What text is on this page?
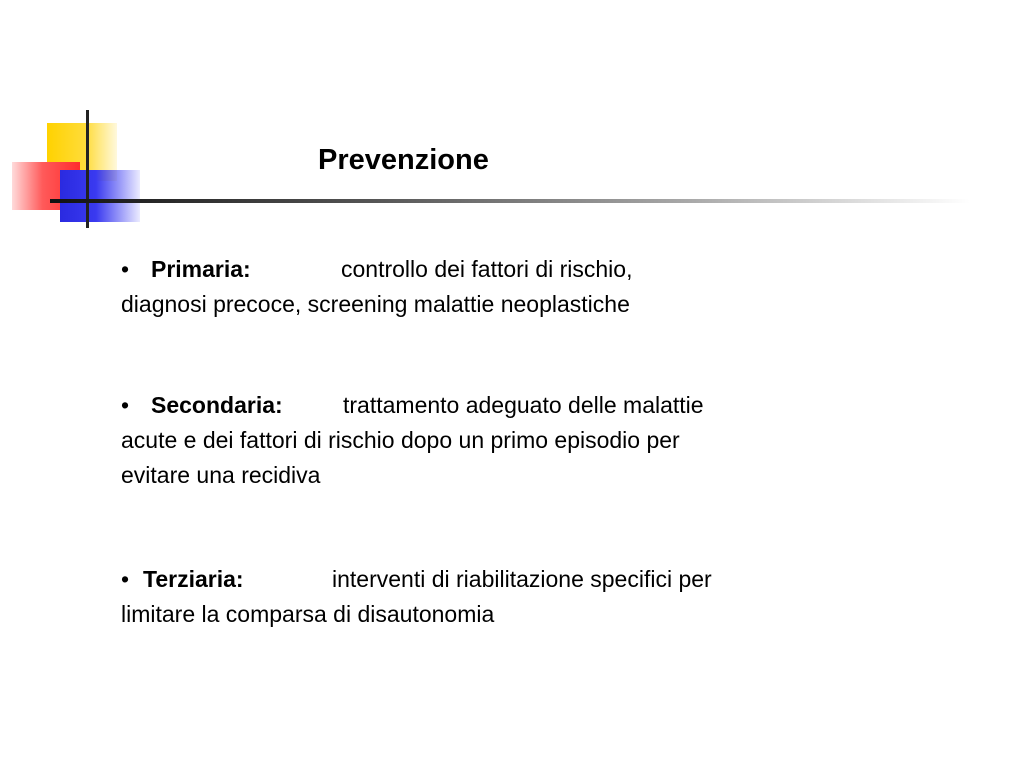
Prevenzione
• Primaria:	controllo dei fattori di rischio,
diagnosi precoce, screening malattie neoplastiche
• Secondaria:	trattamento adeguato delle malattie
acute e dei fattori di rischio dopo un primo episodio per
evitare una recidiva
• Terziaria:	interventi di riabilitazione specifici per
limitare la comparsa di disautonomia
